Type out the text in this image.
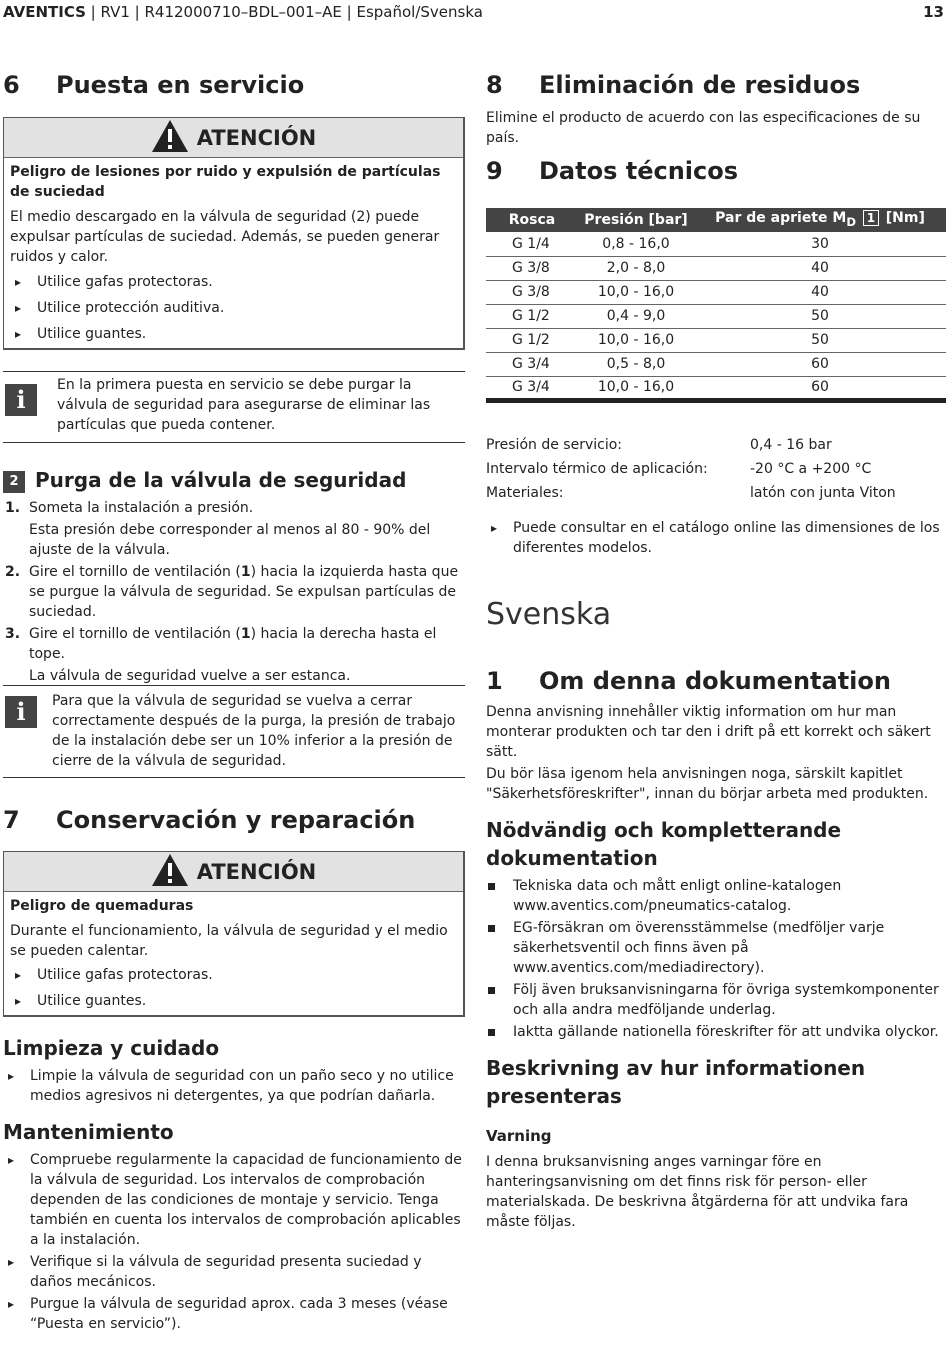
AVENTICS | RV1 | R412000710–BDL–001–AE | Español/Svenska	13
6 Puesta en servicio
ATENCIÓN
Peligro de lesiones por ruido y expulsión de partículas de suciedad
El medio descargado en la válvula de seguridad (2) puede expulsar partículas de suciedad. Además, se pueden generar ruidos y calor.
▸ Utilice gafas protectoras.
▸ Utilice protección auditiva.
▸ Utilice guantes.
i	En la primera puesta en servicio se debe purgar la válvula de seguridad para asegurarse de eliminar las partículas que pueda contener.
2 Purga de la válvula de seguridad
1. Someta la instalación a presión.
Esta presión debe corresponder al menos al 80 - 90% del ajuste de la válvula.
2. Gire el tornillo de ventilación (1) hacia la izquierda hasta que se purgue la válvula de seguridad. Se expulsan partículas de suciedad.
3. Gire el tornillo de ventilación (1) hacia la derecha hasta el tope.
La válvula de seguridad vuelve a ser estanca.
i	Para que la válvula de seguridad se vuelva a cerrar correctamente después de la purga, la presión de trabajo de la instalación debe ser un 10% inferior a la presión de cierre de la válvula de seguridad.
7 Conservación y reparación
ATENCIÓN
Peligro de quemaduras
Durante el funcionamiento, la válvula de seguridad y el medio se pueden calentar.
▸ Utilice gafas protectoras.
▸ Utilice guantes.
Limpieza y cuidado
▸ Limpie la válvula de seguridad con un paño seco y no utilice medios agresivos ni detergentes, ya que podrían dañarla.
Mantenimiento
▸ Compruebe regularmente la capacidad de funcionamiento de la válvula de seguridad. Los intervalos de comprobación dependen de las condiciones de montaje y servicio. Tenga también en cuenta los intervalos de comprobación aplicables a la instalación.
▸ Verifique si la válvula de seguridad presenta suciedad y daños mecánicos.
▸ Purgue la válvula de seguridad aprox. cada 3 meses (véase “Puesta en servicio”).
8 Eliminación de residuos
Elimine el producto de acuerdo con las especificaciones de su país.
9 Datos técnicos
Rosca	Presión [bar]	Par de apriete $M_D$ 1 [Nm]
G 1/4	0,8 - 16,0	30
G 3/8	2,0 - 8,0	40
G 3/8	10,0 - 16,0	40
G 1/2	0,4 - 9,0	50
G 1/2	10,0 - 16,0	50
G 3/4	0,5 - 8,0	60
G 3/4	10,0 - 16,0	60
Presión de servicio:	0,4 - 16 bar
Intervalo térmico de aplicación:	-20 °C a +200 °C
Materiales:	latón con junta Viton
▸ Puede consultar en el catálogo online las dimensiones de los diferentes modelos.
Svenska
1 Om denna dokumentation
Denna anvisning innehåller viktig information om hur man monterar produkten och tar den i drift på ett korrekt och säkert sätt.
Du bör läsa igenom hela anvisningen noga, särskilt kapitlet "Säkerhetsföreskrifter", innan du börjar arbeta med produkten.
Nödvändig och kompletterande dokumentation
Tekniska data och mått enligt online-katalogen www.aventics.com/pneumatics-catalog.
EG-försäkran om överensstämmelse (medföljer varje säkerhetsventil och finns även på www.aventics.com/mediadirectory).
Följ även bruksanvisningarna för övriga systemkomponenter och alla andra medföljande underlag.
Iakttа gällande nationella föreskrifter för att undvika olyckor.
Beskrivning av hur informationen presenteras
Varning
I denna bruksanvisning anges varningar före en hanteringsanvisning om det finns risk för person- eller materialskada. De beskrivna åtgärderna för att undvika fara måste följas.
